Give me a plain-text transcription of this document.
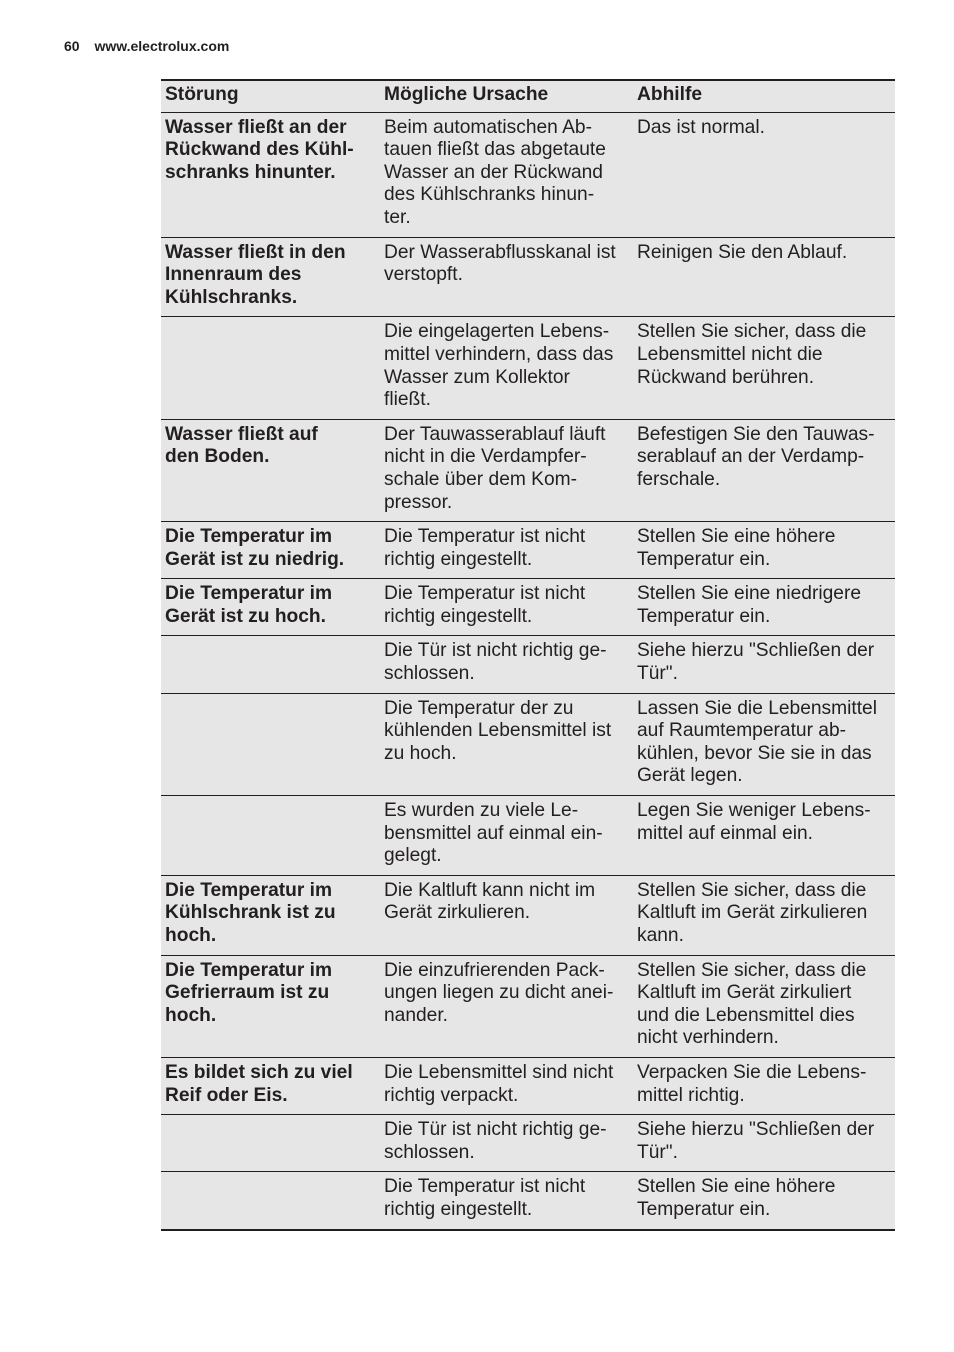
60 www.electrolux.com
Störung	Mögliche Ursache	Abhilfe

Wasser fließt an der
Rückwand des Kühl-
schranks hinunter.	Beim automatischen Ab-
tauen fließt das abgetaute
Wasser an der Rückwand
des Kühlschranks hinun-
ter.	Das ist normal.

Wasser fließt in den
Innenraum des
Kühlschranks.	Der Wasserabflusskanal ist
verstopft.	Reinigen Sie den Ablauf.

	Die eingelagerten Lebens-
mittel verhindern, dass das
Wasser zum Kollektor
fließt.	Stellen Sie sicher, dass die
Lebensmittel nicht die
Rückwand berühren.

Wasser fließt auf
den Boden.	Der Tauwasserablauf läuft
nicht in die Verdampfer-
schale über dem Kom-
pressor.	Befestigen Sie den Tauwas-
serablauf an der Verdamp-
ferschale.

Die Temperatur im
Gerät ist zu niedrig.	Die Temperatur ist nicht
richtig eingestellt.	Stellen Sie eine höhere
Temperatur ein.

Die Temperatur im
Gerät ist zu hoch.	Die Temperatur ist nicht
richtig eingestellt.	Stellen Sie eine niedrigere
Temperatur ein.

	Die Tür ist nicht richtig ge-
schlossen.	Siehe hierzu "Schließen der
Tür".

	Die Temperatur der zu
kühlenden Lebensmittel ist
zu hoch.	Lassen Sie die Lebensmittel
auf Raumtemperatur ab-
kühlen, bevor Sie sie in das
Gerät legen.

	Es wurden zu viele Le-
bensmittel auf einmal ein-
gelegt.	Legen Sie weniger Lebens-
mittel auf einmal ein.

Die Temperatur im
Kühlschrank ist zu
hoch.	Die Kaltluft kann nicht im
Gerät zirkulieren.	Stellen Sie sicher, dass die
Kaltluft im Gerät zirkulieren
kann.

Die Temperatur im
Gefrierraum ist zu
hoch.	Die einzufrierenden Pack-
ungen liegen zu dicht anei-
nander.	Stellen Sie sicher, dass die
Kaltluft im Gerät zirkuliert
und die Lebensmittel dies
nicht verhindern.

Es bildet sich zu viel
Reif oder Eis.	Die Lebensmittel sind nicht
richtig verpackt.	Verpacken Sie die Lebens-
mittel richtig.

	Die Tür ist nicht richtig ge-
schlossen.	Siehe hierzu "Schließen der
Tür".

	Die Temperatur ist nicht
richtig eingestellt.	Stellen Sie eine höhere
Temperatur ein.
